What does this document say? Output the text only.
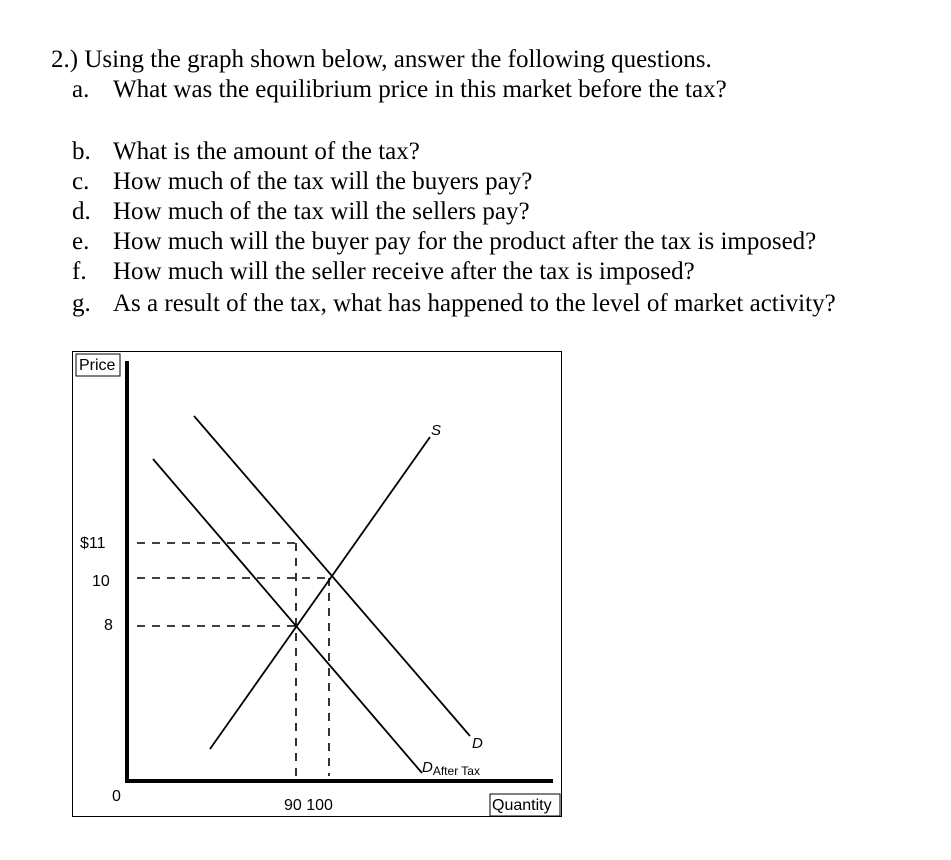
2.) Using the graph shown below, answer the following questions.
a. What was the equilibrium price in this market before the tax?
b. What is the amount of the tax?
c. How much of the tax will the buyers pay?
d. How much of the tax will the sellers pay?
e. How much will the buyer pay for the product after the tax is imposed?
f. How much will the seller receive after the tax is imposed?
g. As a result of the tax, what has happened to the level of market activity?
Price
Quantity
0
$11
10
8
90 100
S
D
$D_{After Tax}$
